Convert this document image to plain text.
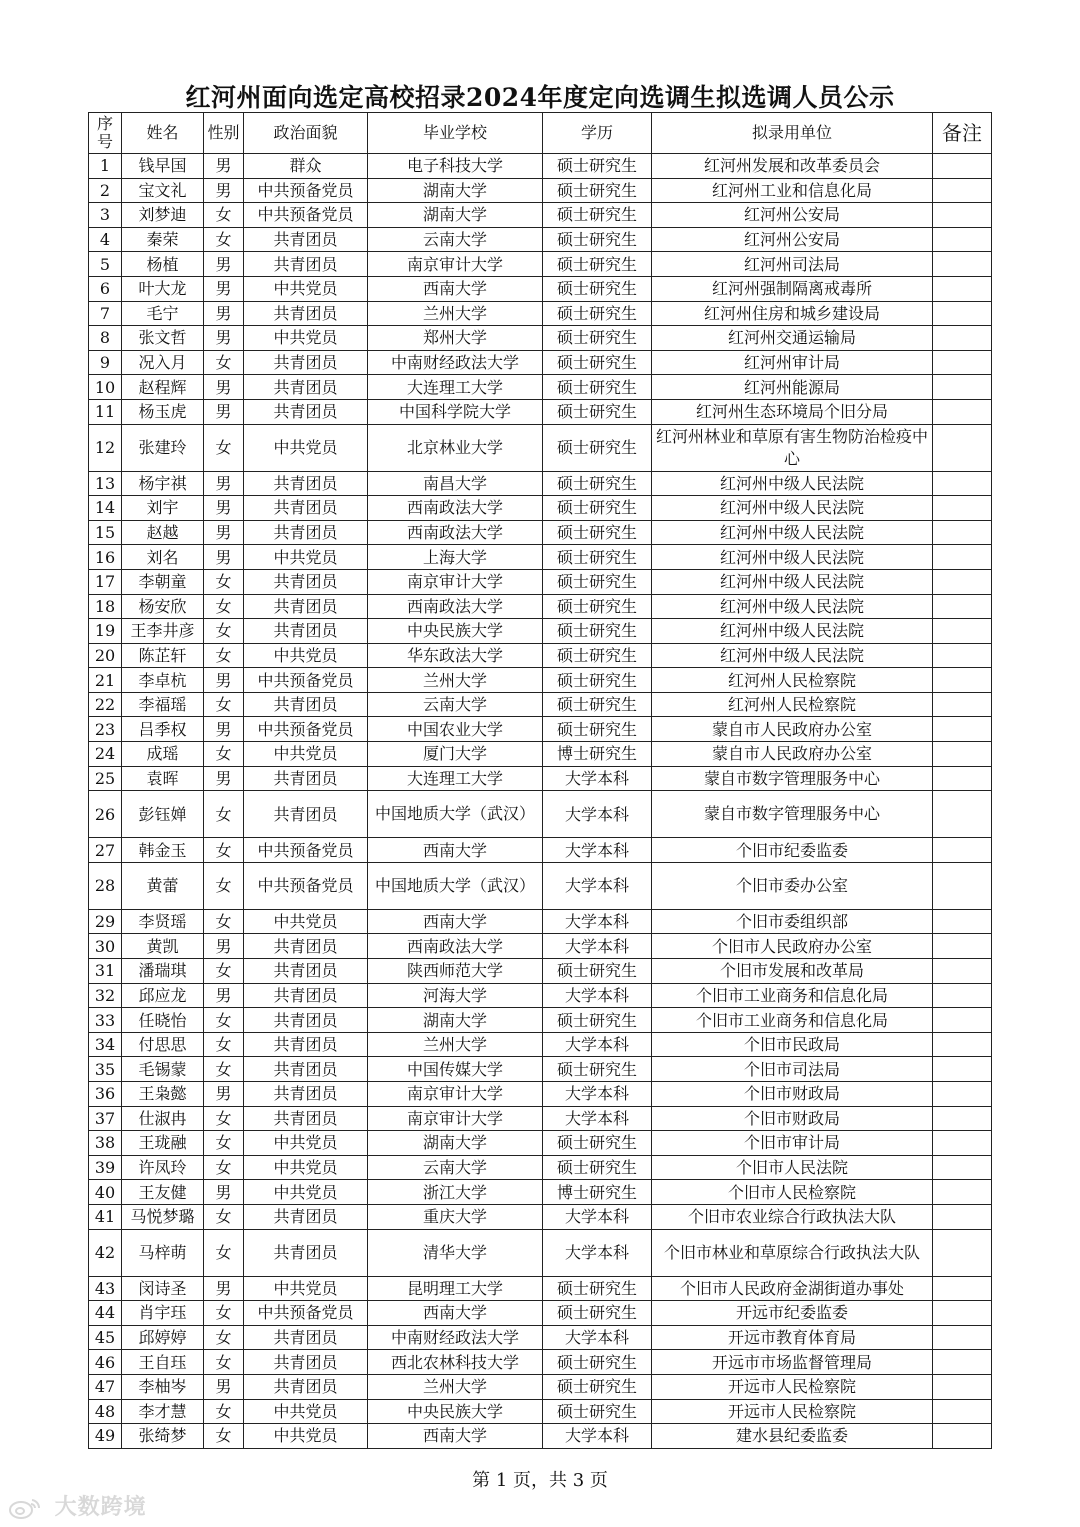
红河州面向选定高校招录2024年度定向选调生拟选调人员公示
序号	姓名	性别	政治面貌	毕业学校	学历	拟录用单位	备注
1	钱早国	男	群众	电子科技大学	硕士研究生	红河州发展和改革委员会	
2	宝文礼	男	中共预备党员	湖南大学	硕士研究生	红河州工业和信息化局	
3	刘梦迪	女	中共预备党员	湖南大学	硕士研究生	红河州公安局	
4	秦荣	女	共青团员	云南大学	硕士研究生	红河州公安局	
5	杨植	男	共青团员	南京审计大学	硕士研究生	红河州司法局	
6	叶大龙	男	中共党员	西南大学	硕士研究生	红河州强制隔离戒毒所	
7	毛宁	男	共青团员	兰州大学	硕士研究生	红河州住房和城乡建设局	
8	张文哲	男	中共党员	郑州大学	硕士研究生	红河州交通运输局	
9	况入月	女	共青团员	中南财经政法大学	硕士研究生	红河州审计局	
10	赵程辉	男	共青团员	大连理工大学	硕士研究生	红河州能源局	
11	杨玉虎	男	共青团员	中国科学院大学	硕士研究生	红河州生态环境局个旧分局	
12	张建玲	女	中共党员	北京林业大学	硕士研究生	红河州林业和草原有害生物防治检疫中心	
13	杨宇祺	男	共青团员	南昌大学	硕士研究生	红河州中级人民法院	
14	刘宇	男	共青团员	西南政法大学	硕士研究生	红河州中级人民法院	
15	赵越	男	共青团员	西南政法大学	硕士研究生	红河州中级人民法院	
16	刘名	男	中共党员	上海大学	硕士研究生	红河州中级人民法院	
17	李朝童	女	共青团员	南京审计大学	硕士研究生	红河州中级人民法院	
18	杨安欣	女	共青团员	西南政法大学	硕士研究生	红河州中级人民法院	
19	王李井彦	女	共青团员	中央民族大学	硕士研究生	红河州中级人民法院	
20	陈芷轩	女	中共党员	华东政法大学	硕士研究生	红河州中级人民法院	
21	李卓杭	男	中共预备党员	兰州大学	硕士研究生	红河州人民检察院	
22	李福瑶	女	共青团员	云南大学	硕士研究生	红河州人民检察院	
23	吕季权	男	中共预备党员	中国农业大学	硕士研究生	蒙自市人民政府办公室	
24	成瑶	女	中共党员	厦门大学	博士研究生	蒙自市人民政府办公室	
25	袁晖	男	共青团员	大连理工大学	大学本科	蒙自市数字管理服务中心	
26	彭钰婵	女	共青团员	中国地质大学（武汉）	大学本科	蒙自市数字管理服务中心	
27	韩金玉	女	中共预备党员	西南大学	大学本科	个旧市纪委监委	
28	黄蕾	女	中共预备党员	中国地质大学（武汉）	大学本科	个旧市委办公室	
29	李贤瑶	女	中共党员	西南大学	大学本科	个旧市委组织部	
30	黄凯	男	共青团员	西南政法大学	大学本科	个旧市人民政府办公室	
31	潘瑞琪	女	共青团员	陕西师范大学	硕士研究生	个旧市发展和改革局	
32	邱应龙	男	共青团员	河海大学	大学本科	个旧市工业商务和信息化局	
33	任晓怡	女	共青团员	湖南大学	硕士研究生	个旧市工业商务和信息化局	
34	付思思	女	共青团员	兰州大学	大学本科	个旧市民政局	
35	毛锡蒙	女	共青团员	中国传媒大学	硕士研究生	个旧市司法局	
36	王枭懿	男	共青团员	南京审计大学	大学本科	个旧市财政局	
37	仕淑冉	女	共青团员	南京审计大学	大学本科	个旧市财政局	
38	王珑融	女	中共党员	湖南大学	硕士研究生	个旧市审计局	
39	许凤玲	女	中共党员	云南大学	硕士研究生	个旧市人民法院	
40	王友健	男	中共党员	浙江大学	博士研究生	个旧市人民检察院	
41	马悦梦璐	女	共青团员	重庆大学	大学本科	个旧市农业综合行政执法大队	
42	马梓萌	女	共青团员	清华大学	大学本科	个旧市林业和草原综合行政执法大队	
43	闵诗圣	男	中共党员	昆明理工大学	硕士研究生	个旧市人民政府金湖街道办事处	
44	肖宇珏	女	中共预备党员	西南大学	硕士研究生	开远市纪委监委	
45	邱婷婷	女	共青团员	中南财经政法大学	大学本科	开远市教育体育局	
46	王自珏	女	共青团员	西北农林科技大学	硕士研究生	开远市市场监督管理局	
47	李柚岑	男	共青团员	兰州大学	硕士研究生	开远市人民检察院	
48	李才慧	女	中共党员	中央民族大学	硕士研究生	开远市人民检察院	
49	张绮梦	女	中共党员	西南大学	大学本科	建水县纪委监委	
第 1 页，共 3 页
大数跨境
